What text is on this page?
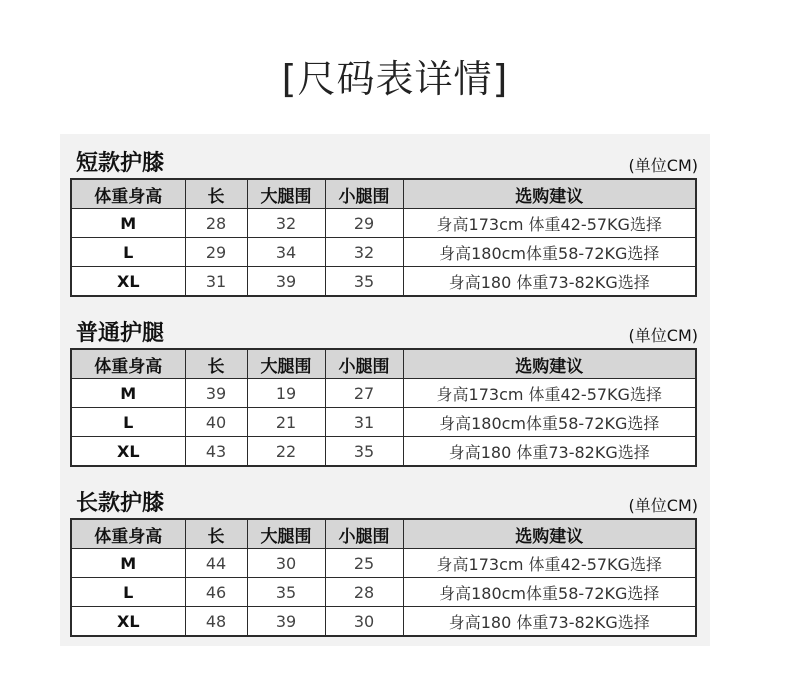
[尺码表详情]
短款护膝	(单位CM)
体重身高	长	大腿围	小腿围	选购建议
M	28	32	29	身高173cm 体重42-57KG选择
L	29	34	32	身高180cm体重58-72KG选择
XL	31	39	35	身高180 体重73-82KG选择
普通护腿	(单位CM)
体重身高	长	大腿围	小腿围	选购建议
M	39	19	27	身高173cm 体重42-57KG选择
L	40	21	31	身高180cm体重58-72KG选择
XL	43	22	35	身高180 体重73-82KG选择
长款护膝	(单位CM)
体重身高	长	大腿围	小腿围	选购建议
M	44	30	25	身高173cm 体重42-57KG选择
L	46	35	28	身高180cm体重58-72KG选择
XL	48	39	30	身高180 体重73-82KG选择
